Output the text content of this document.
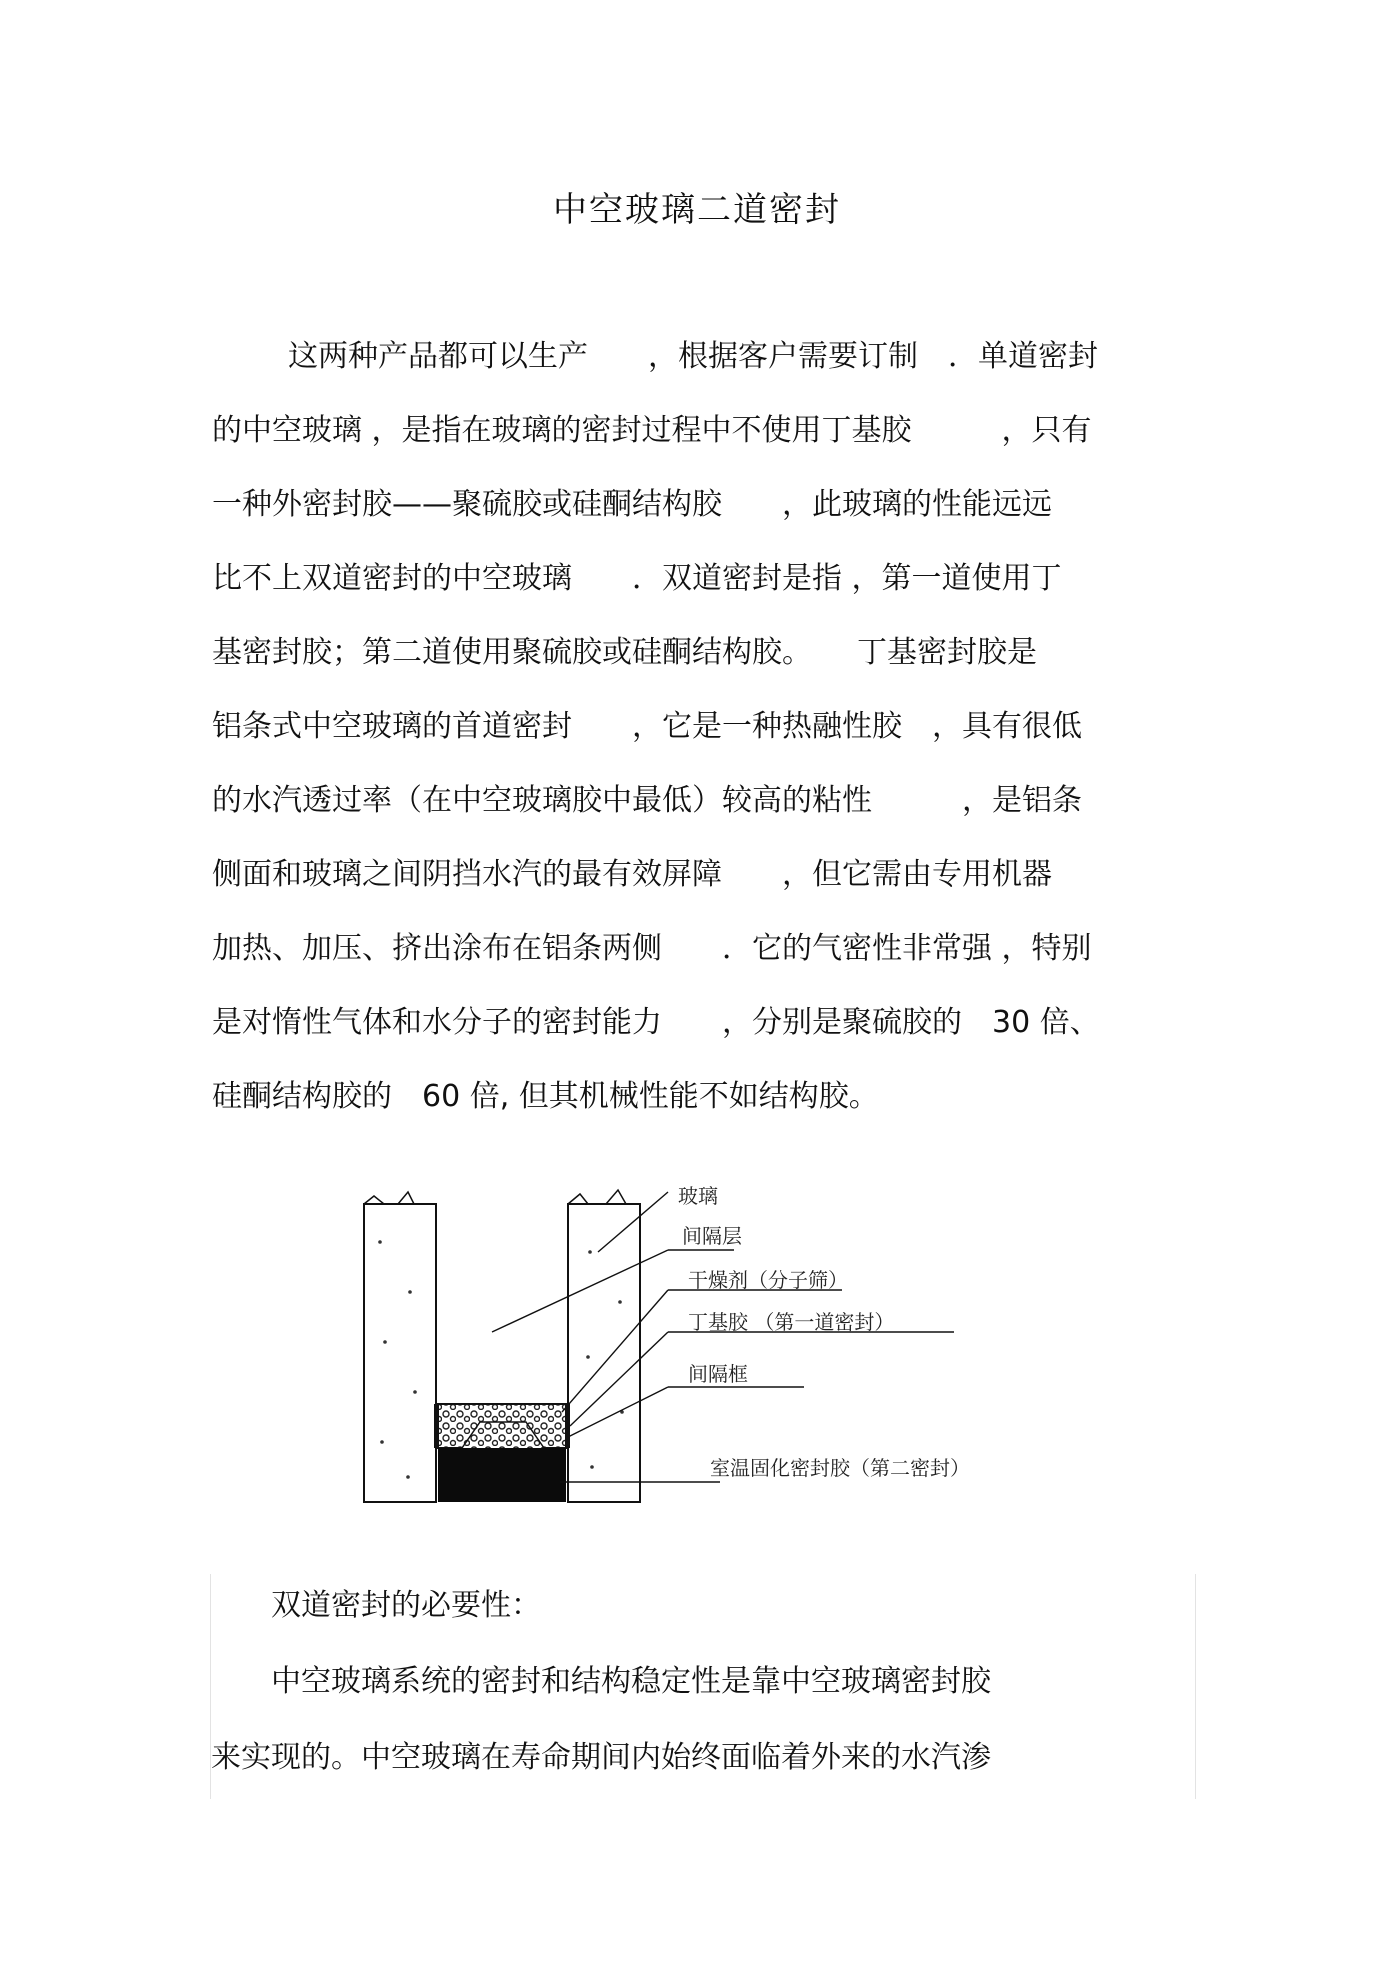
中空玻璃二道密封
这两种产品都可以生产　　，根据客户需要订制　．单道密封
的中空玻璃 ，是指在玻璃的密封过程中不使用丁基胶　　　，只有
一种外密封胶——聚硫胶或硅酮结构胶　　，此玻璃的性能远远
比不上双道密封的中空玻璃　　．双道密封是指 ，第一道使用丁
基密封胶；第二道使用聚硫胶或硅酮结构胶。　　丁基密封胶是
铝条式中空玻璃的首道密封　　，它是一种热融性胶　，具有很低
的水汽透过率（在中空玻璃胶中最低）较高的粘性　　　，是铝条
侧面和玻璃之间阴挡水汽的最有效屏障　　，但它需由专用机器
加热、加压、挤出涂布在铝条两侧　　．它的气密性非常强 ，特别
是对惰性气体和水分子的密封能力　　，分别是聚硫胶的　30 倍、
硅酮结构胶的　60 倍, 但其机械性能不如结构胶。
玻璃
间隔层
干燥剂（分子筛）
丁基胶 （第一道密封）
间隔框
室温固化密封胶（第二密封）
双道密封的必要性：
中空玻璃系统的密封和结构稳定性是靠中空玻璃密封胶
来实现的。中空玻璃在寿命期间内始终面临着外来的水汽渗
